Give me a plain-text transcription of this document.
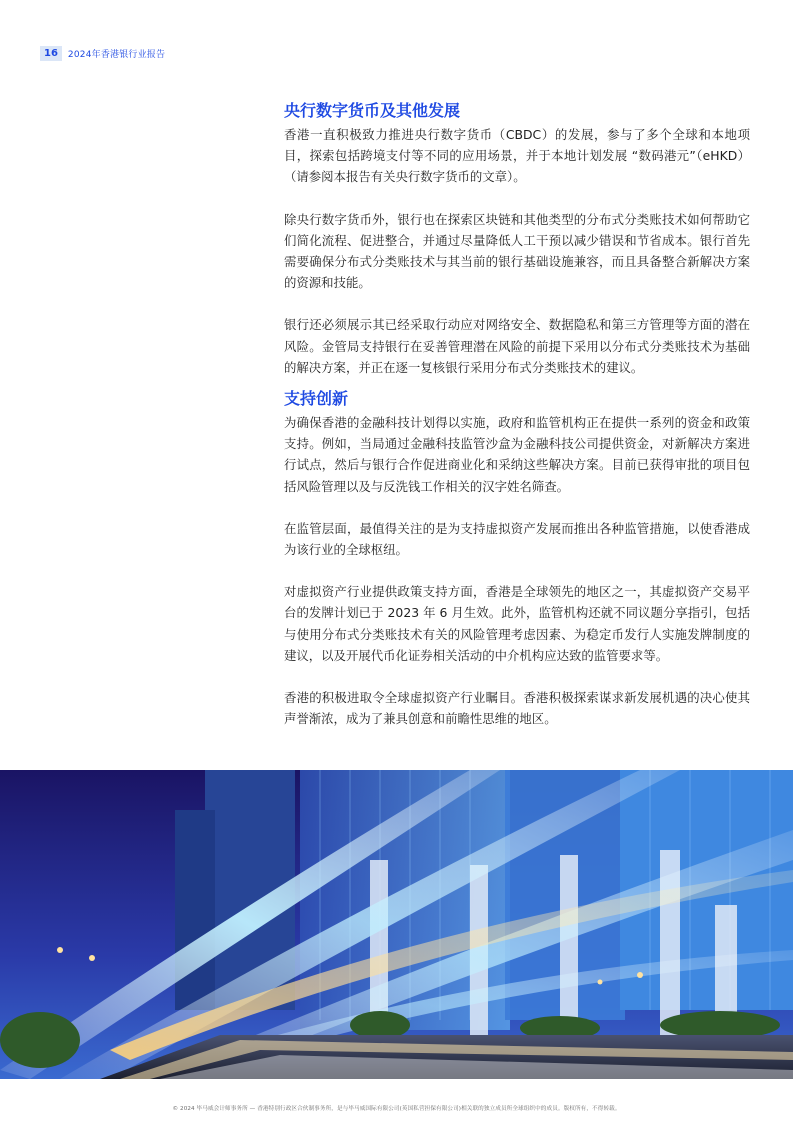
16	2024年香港银行业报告
央行数字货币及其他发展

香港一直积极致力推进央行数字货币（CBDC）的发展，参与了多个全球和本地项目，探索包括跨境支付等不同的应用场景，并于本地计划发展 “数码港元”（eHKD）（请参阅本报告有关央行数字货币的文章）。

除央行数字货币外，银行也在探索区块链和其他类型的分布式分类账技术如何帮助它们简化流程、促进整合，并通过尽量降低人工干预以减少错误和节省成本。银行首先需要确保分布式分类账技术与其当前的银行基础设施兼容，而且具备整合新解决方案的资源和技能。

银行还必须展示其已经采取行动应对网络安全、数据隐私和第三方管理等方面的潜在风险。金管局支持银行在妥善管理潜在风险的前提下采用以分布式分类账技术为基础的解决方案，并正在逐一复核银行采用分布式分类账技术的建议。

支持创新

为确保香港的金融科技计划得以实施，政府和监管机构正在提供一系列的资金和政策支持。例如，当局通过金融科技监管沙盒为金融科技公司提供资金，对新解决方案进行试点，然后与银行合作促进商业化和采纳这些解决方案。目前已获得审批的项目包括风险管理以及与反洗钱工作相关的汉字姓名筛查。

在监管层面，最值得关注的是为支持虚拟资产发展而推出各种监管措施，以使香港成为该行业的全球枢纽。

对虚拟资产行业提供政策支持方面，香港是全球领先的地区之一，其虚拟资产交易平台的发牌计划已于 2023 年 6 月生效。此外，监管机构还就不同议题分享指引，包括与使用分布式分类账技术有关的风险管理考虑因素、为稳定币发行人实施发牌制度的建议，以及开展代币化证券相关活动的中介机构应达致的监管要求等。

香港的积极进取令全球虚拟资产行业瞩目。香港积极探索谋求新发展机遇的决心使其声誉渐浓，成为了兼具创意和前瞻性思维的地区。

© 2024 毕马威会计师事务所 — 香港特别行政区合伙制事务所，是与毕马威国际有限公司(英国私营担保有限公司)相关联的独立成员所全球组织中的成员。版权所有，不得转载。
